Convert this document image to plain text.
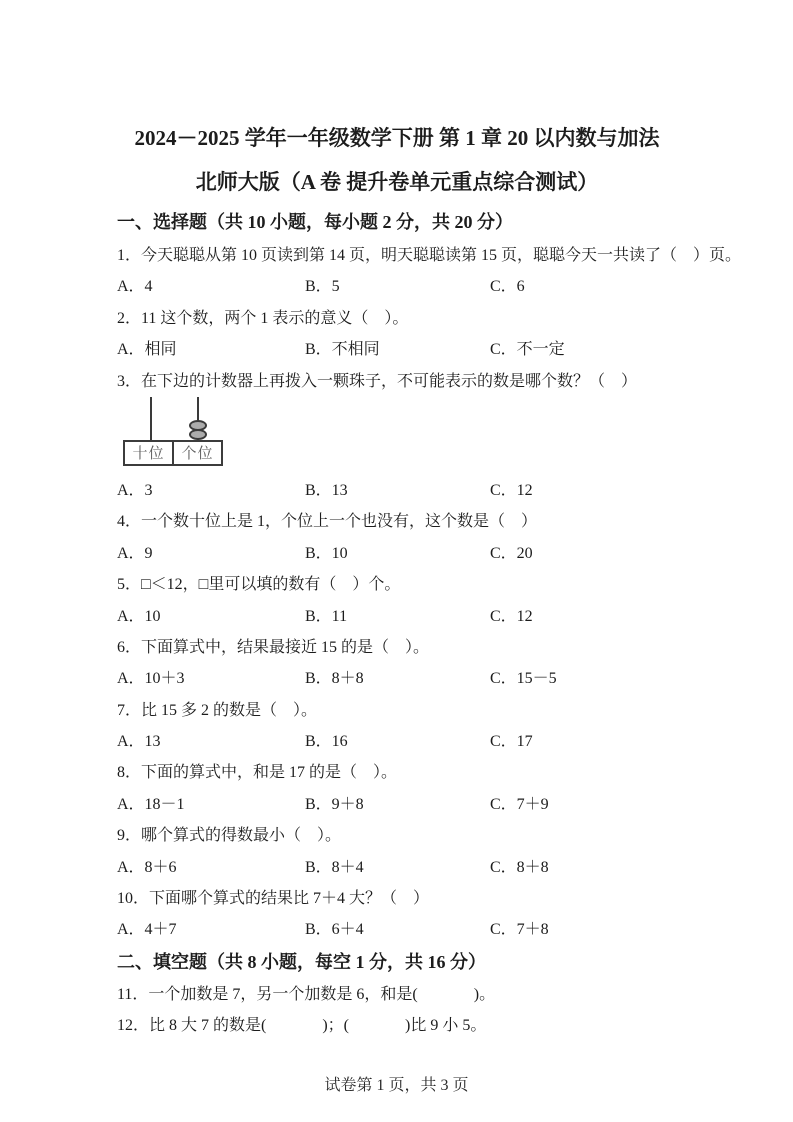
2024－2025 学年一年级数学下册 第 1 章 20 以内数与加法
北师大版（A 卷 提升卷单元重点综合测试）
一、选择题（共 10 小题，每小题 2 分，共 20 分）
1．今天聪聪从第 10 页读到第 14 页，明天聪聪读第 15 页，聪聪今天一共读了（　）页。
A．4	B．5	C．6
2．11 这个数，两个 1 表示的意义（　）。
A．相同	B．不相同	C．不一定
3．在下边的计数器上再拨入一颗珠子，不可能表示的数是哪个数？（　）
十位	个位
A．3	B．13	C．12
4．一个数十位上是 1，个位上一个也没有，这个数是（　）
A．9	B．10	C．20
5．□＜12，□里可以填的数有（　）个。
A．10	B．11	C．12
6．下面算式中，结果最接近 15 的是（　）。
A．10＋3	B．8＋8	C．15－5
7．比 15 多 2 的数是（　）。
A．13	B．16	C．17
8．下面的算式中，和是 17 的是（　）。
A．18－1	B．9＋8	C．7＋9
9．哪个算式的得数最小（　）。
A．8＋6	B．8＋4	C．8＋8
10．下面哪个算式的结果比 7＋4 大？（　）
A．4＋7	B．6＋4	C．7＋8
二、填空题（共 8 小题，每空 1 分，共 16 分）
11．一个加数是 7，另一个加数是 6，和是(	)。
12．比 8 大 7 的数是(	)；(	)比 9 小 5。
试卷第 1 页，共 3 页
